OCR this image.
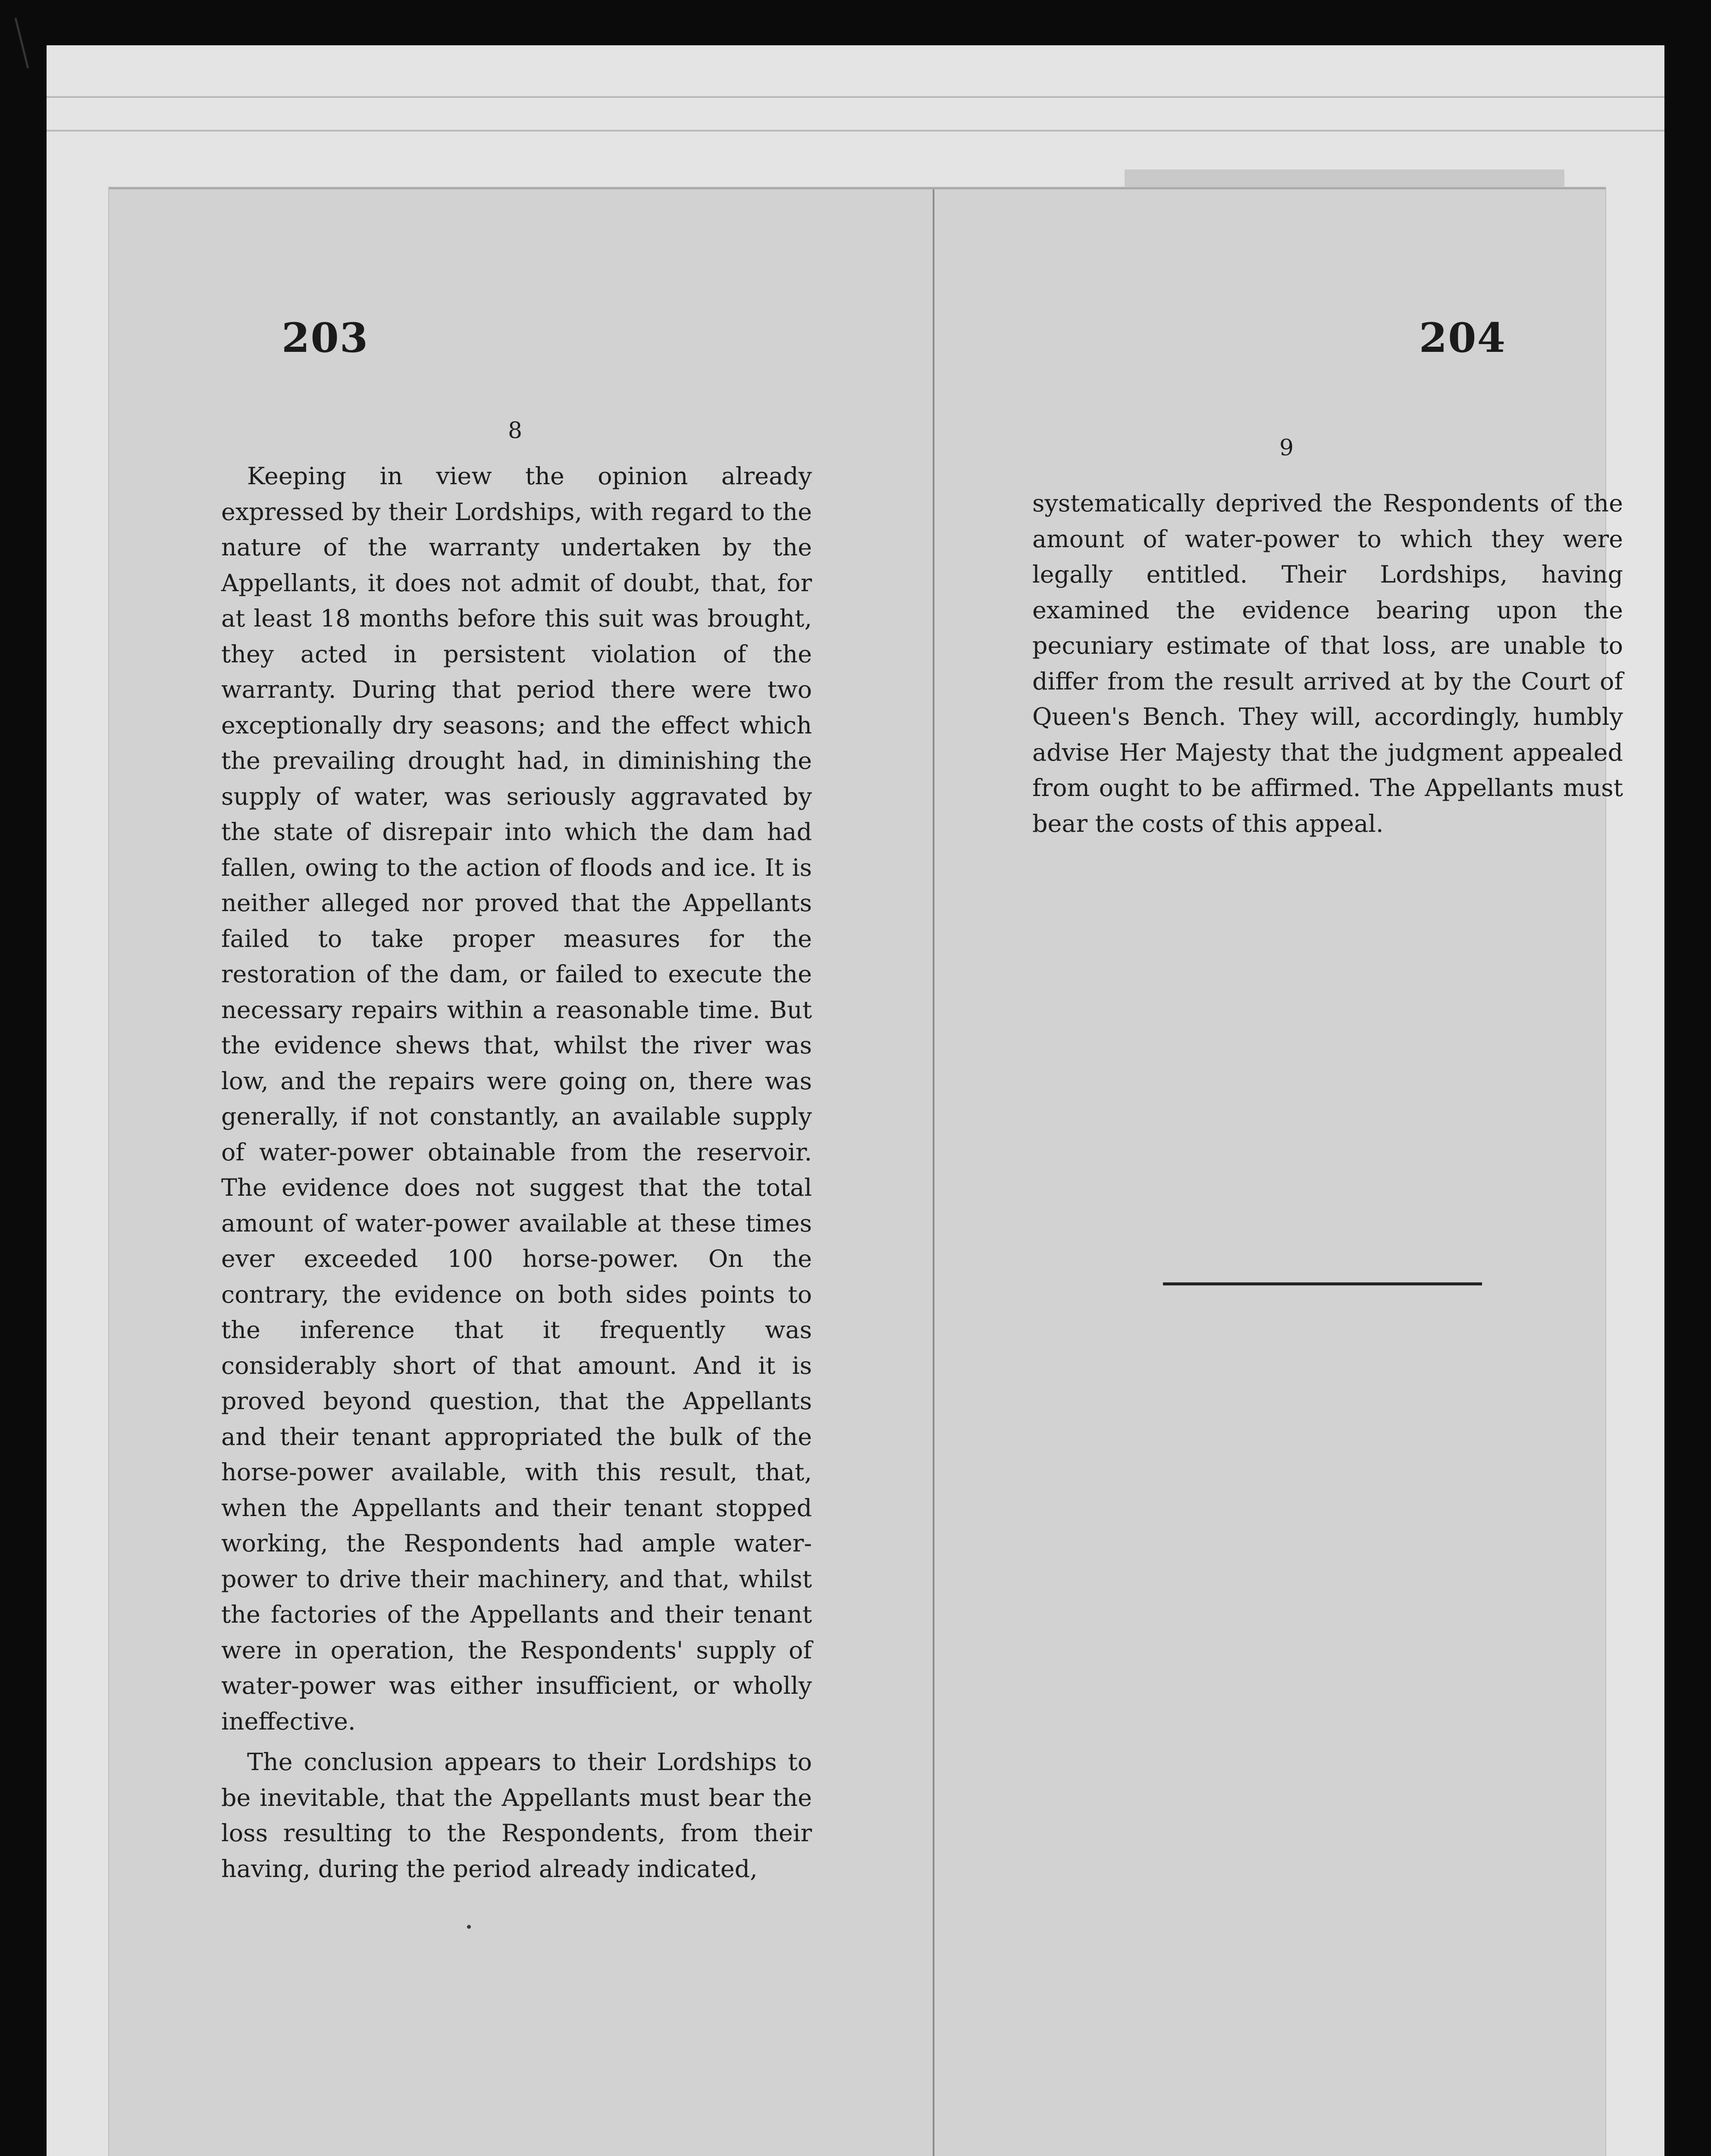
203
8

Keeping in view the opinion already expressed by their Lordships, with regard to the nature of the warranty undertaken by the Appellants, it does not admit of doubt, that, for at least 18 months before this suit was brought, they acted in persistent violation of the warranty. During that period there were two exceptionally dry seasons; and the effect which the prevailing drought had, in diminishing the supply of water, was seriously aggravated by the state of disrepair into which the dam had fallen, owing to the action of floods and ice. It is neither alleged nor proved that the Appellants failed to take proper measures for the restoration of the dam, or failed to execute the necessary repairs within a reasonable time. But the evidence shews that, whilst the river was low, and the repairs were going on, there was generally, if not constantly, an available supply of water-power obtainable from the reservoir. The evidence does not suggest that the total amount of water-power available at these times ever exceeded 100 horse-power. On the contrary, the evidence on both sides points to the inference that it frequently was considerably short of that amount. And it is proved beyond question, that the Appellants and their tenant appropriated the bulk of the horse-power available, with this result, that, when the Appellants and their tenant stopped working, the Respondents had ample water-power to drive their machinery, and that, whilst the factories of the Appellants and their tenant were in operation, the Respondents' supply of water-power was either insufficient, or wholly ineffective.

The conclusion appears to their Lordships to be inevitable, that the Appellants must bear the loss resulting to the Respondents, from their having, during the period already indicated,

204
9

systematically deprived the Respondents of the amount of water-power to which they were legally entitled. Their Lordships, having examined the evidence bearing upon the pecuniary estimate of that loss, are unable to differ from the result arrived at by the Court of Queen's Bench. They will, accordingly, humbly advise Her Majesty that the judgment appealed from ought to be affirmed. The Appellants must bear the costs of this appeal.
